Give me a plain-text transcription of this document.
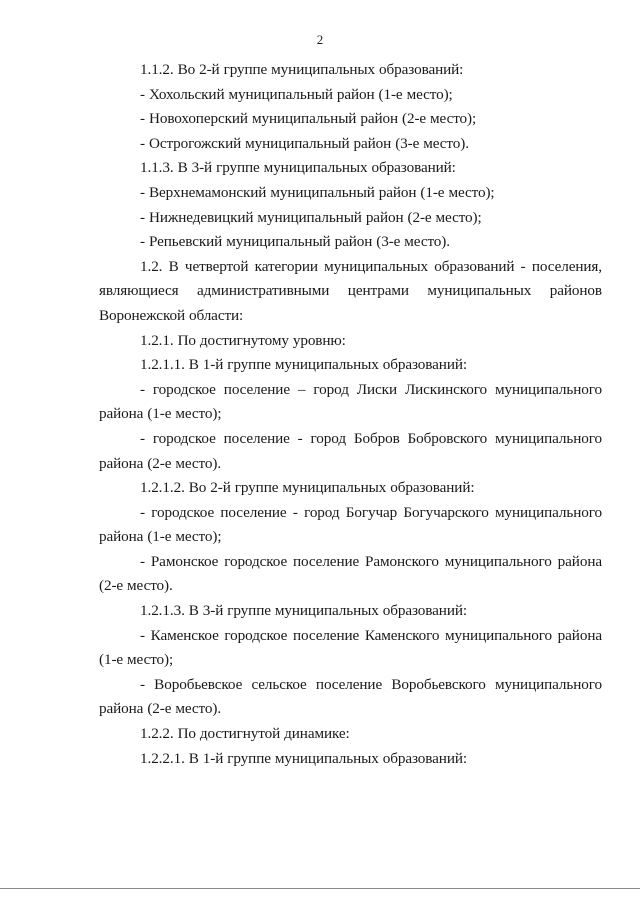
2

1.1.2. Во 2-й группе муниципальных образований:

- Хохольский муниципальный район (1-е место);

- Новохоперский муниципальный район (2-е место);

- Острогожский муниципальный район (3-е место).

1.1.3. В 3-й группе муниципальных образований:

- Верхнемамонский муниципальный район (1-е место);

- Нижнедевицкий муниципальный район (2-е место);

- Репьевский муниципальный район (3-е место).

1.2. В четвертой категории муниципальных образований - поселения, являющиеся административными центрами муниципальных районов Воронежской области:

1.2.1. По достигнутому уровню:

1.2.1.1. В 1-й группе муниципальных образований:

- городское поселение – город Лиски Лискинского муниципального района (1-е место);

- городское поселение - город Бобров Бобровского муниципального района (2-е место).

1.2.1.2. Во 2-й группе муниципальных образований:

- городское поселение - город Богучар Богучарского муниципального района (1-е место);

- Рамонское городское поселение Рамонского муниципального района (2-е место).

1.2.1.3. В 3-й группе муниципальных образований:

- Каменское городское поселение Каменского муниципального района (1-е место);

- Воробьевское сельское поселение Воробьевского муниципального района (2-е место).

1.2.2. По достигнутой динамике:

1.2.2.1. В 1-й группе муниципальных образований:
